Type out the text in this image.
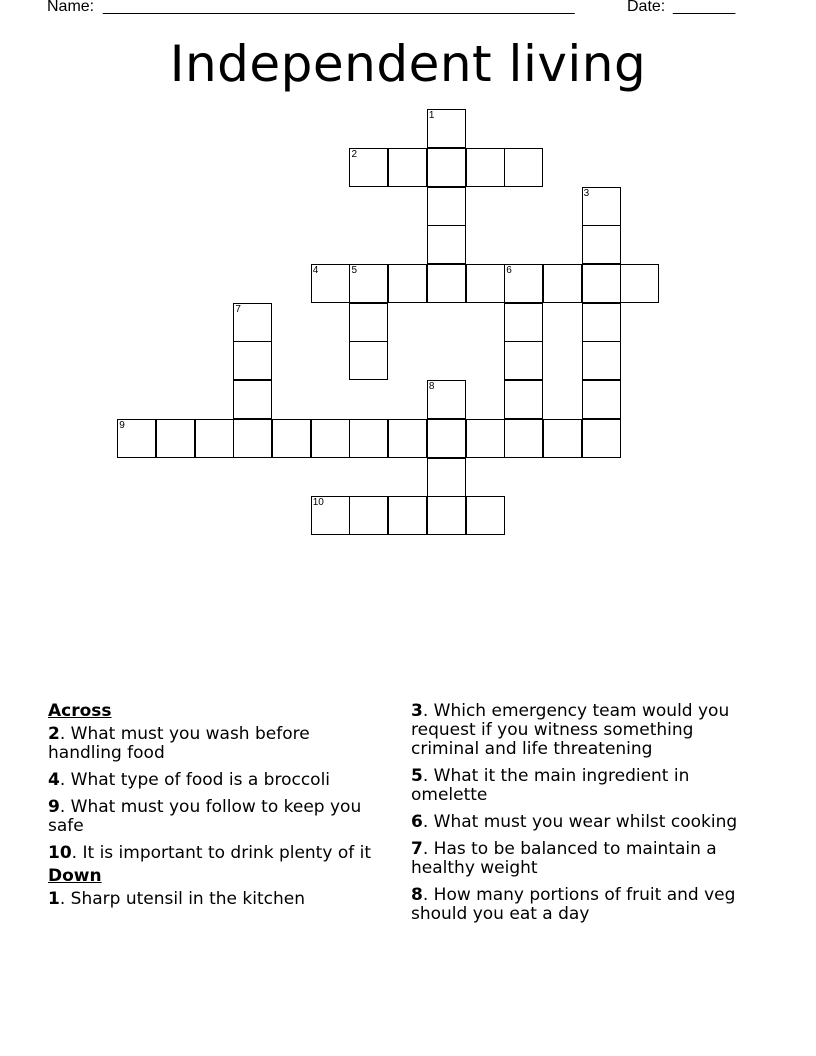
Name: _____________________________________________________	Date: _______
Independent living
2
4	5	6
9
10
1
3
7
8
Across
2. What must you wash before handling food
4. What type of food is a broccoli
9. What must you follow to keep you safe
10. It is important to drink plenty of it
Down
1. Sharp utensil in the kitchen
3. Which emergency team would you request if you witness something criminal and life threatening
5. What it the main ingredient in omelette
6. What must you wear whilst cooking
7. Has to be balanced to maintain a healthy weight
8. How many portions of fruit and veg should you eat a day
